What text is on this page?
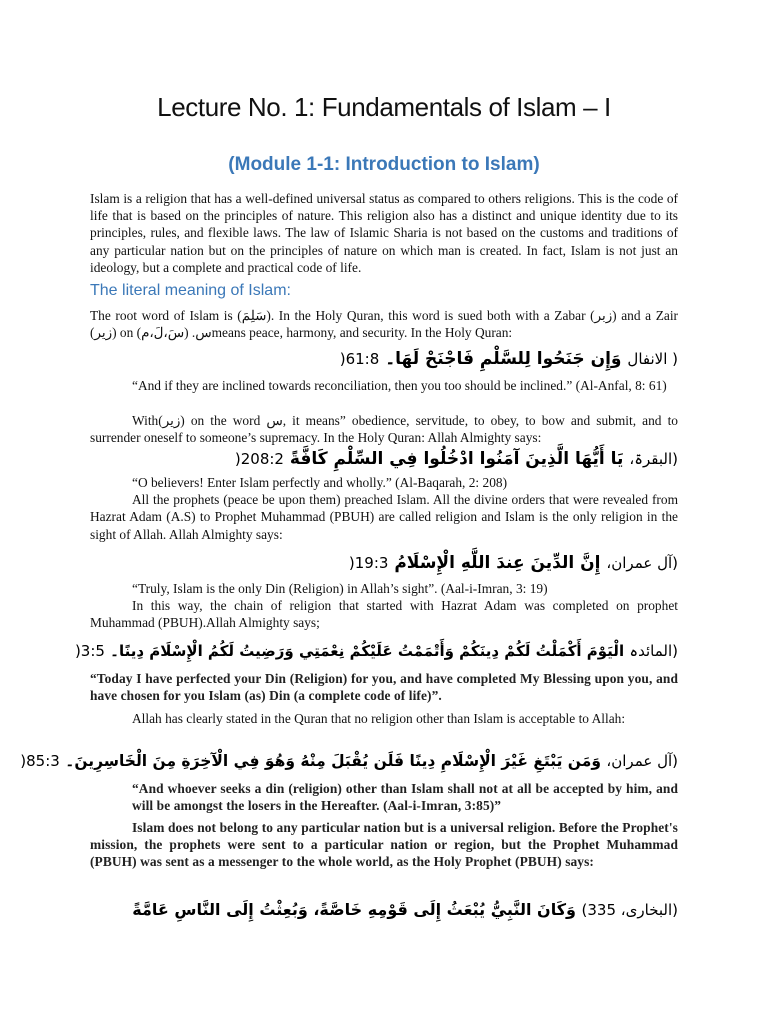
Lecture No. 1: Fundamentals of Islam – I
(Module 1-1: Introduction to Islam)

Islam is a religion that has a well-defined universal status as compared to others religions. This is the code of life that is based on the principles of nature. This religion also has a distinct and unique identity due to its principles, rules, and flexible laws. The law of Islamic Sharia is not based on the customs and traditions of any particular nation but on the principles of nature on which man is created. In fact, Islam is not just an ideology, but a complete and practical code of life.

The literal meaning of Islam:

The root word of Islam is (سَلِمَ). In the Holy Quran, this word is sued both with a Zabar (زبر) and a Zair (زیر) on س. (سَ،لَ،م)means peace, harmony, and security. In the Holy Quran:

( الانفال وَإِن جَنَحُوا لِلسَّلْمِ فَاجْنَحْ لَهَا۔ 61:8(

“And if they are inclined towards reconciliation, then you too should be inclined.” (Al-Anfal, 8: 61)

With(زیر) on the word س, it means” obedience, servitude, to obey, to bow and submit, and to surrender oneself to someone’s supremacy. In the Holy Quran: Allah Almighty says:

(البقرۃ، يَا أَيُّهَا الَّذِينَ آمَنُوا ادْخُلُوا فِي السِّلْمِ كَافَّةً 208:2(

“O believers! Enter Islam perfectly and wholly.” (Al-Baqarah, 2: 208)

All the prophets (peace be upon them) preached Islam. All the divine orders that were revealed from Hazrat Adam (A.S) to Prophet Muhammad (PBUH) are called religion and Islam is the only religion in the sight of Allah. Allah Almighty says:

(آل عمران، إِنَّ الدِّينَ عِندَ اللَّهِ الْإِسْلَامُ 19:3(

“Truly, Islam is the only Din (Religion) in Allah’s sight”. (Aal-i-Imran, 3: 19)

In this way, the chain of religion that started with Hazrat Adam was completed on prophet Muhammad (PBUH).Allah Almighty says;

(المائدہ الْيَوْمَ أَكْمَلْتُ لَكُمْ دِينَكُمْ وَأَتْمَمْتُ عَلَيْكُمْ نِعْمَتِي وَرَضِيتُ لَكُمُ الْإِسْلَامَ دِينًا۔ 3:5(

“Today I have perfected your Din (Religion) for you, and have completed My Blessing upon you, and have chosen for you Islam (as) Din (a complete code of life)”.

Allah has clearly stated in the Quran that no religion other than Islam is acceptable to Allah:

(آل عمران، وَمَن يَبْتَغِ غَيْرَ الْإِسْلَامِ دِينًا فَلَن يُقْبَلَ مِنْهُ وَهُوَ فِي الْآخِرَةِ مِنَ الْخَاسِرِينَ۔ 85:3(

“And whoever seeks a din (religion) other than Islam shall not at all be accepted by him, and will be amongst the losers in the Hereafter. (Aal-i-Imran, 3:85)”

Islam does not belong to any particular nation but is a universal religion. Before the Prophet's mission, the prophets were sent to a particular nation or region, but the Prophet Muhammad (PBUH) was sent as a messenger to the whole world, as the Holy Prophet (PBUH) says:

(البخاری، 335) وَكَانَ النَّبِيُّ يُبْعَثُ إِلَى قَوْمِهِ خَاصَّةً، وَبُعِثْتُ إِلَى النَّاسِ عَامَّةً
